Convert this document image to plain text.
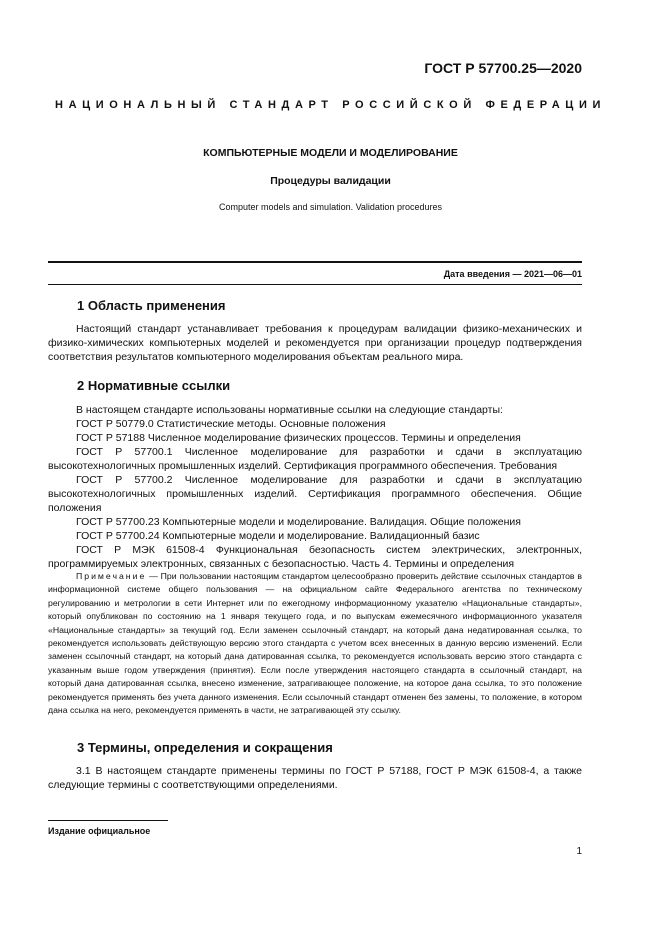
ГОСТ Р 57700.25—2020
НАЦИОНАЛЬНЫЙ СТАНДАРТ РОССИЙСКОЙ ФЕДЕРАЦИИ
КОМПЬЮТЕРНЫЕ МОДЕЛИ И МОДЕЛИРОВАНИЕ
Процедуры валидации
Computer models and simulation. Validation procedures
Дата введения — 2021—06—01
1 Область применения

Настоящий стандарт устанавливает требования к процедурам валидации физико-механических и физико-химических компьютерных моделей и рекомендуется при организации процедур подтверждения соответствия результатов компьютерного моделирования объектам реального мира.

2 Нормативные ссылки

В настоящем стандарте использованы нормативные ссылки на следующие стандарты:

ГОСТ Р 50779.0 Статистические методы. Основные положения

ГОСТ Р 57188 Численное моделирование физических процессов. Термины и определения

ГОСТ Р 57700.1 Численное моделирование для разработки и сдачи в эксплуатацию высокотехнологичных промышленных изделий. Сертификация программного обеспечения. Требования

ГОСТ Р 57700.2 Численное моделирование для разработки и сдачи в эксплуатацию высокотехнологичных промышленных изделий. Сертификация программного обеспечения. Общие положения

ГОСТ Р 57700.23 Компьютерные модели и моделирование. Валидация. Общие положения

ГОСТ Р 57700.24 Компьютерные модели и моделирование. Валидационный базис

ГОСТ Р МЭК 61508-4 Функциональная безопасность систем электрических, электронных, программируемых электронных, связанных с безопасностью. Часть 4. Термины и определения

Примечание — При пользовании настоящим стандартом целесообразно проверить действие ссылочных стандартов в информационной системе общего пользования — на официальном сайте Федерального агентства по техническому регулированию и метрологии в сети Интернет или по ежегодному информационному указателю «Национальные стандарты», который опубликован по состоянию на 1 января текущего года, и по выпускам ежемесячного информационного указателя «Национальные стандарты» за текущий год. Если заменен ссылочный стандарт, на который дана недатированная ссылка, то рекомендуется использовать действующую версию этого стандарта с учетом всех внесенных в данную версию изменений. Если заменен ссылочный стандарт, на который дана датированная ссылка, то рекомендуется использовать версию этого стандарта с указанным выше годом утверждения (принятия). Если после утверждения настоящего стандарта в ссылочный стандарт, на который дана датированная ссылка, внесено изменение, затрагивающее положение, на которое дана ссылка, то это положение рекомендуется применять без учета данного изменения. Если ссылочный стандарт отменен без замены, то положение, в котором дана ссылка на него, рекомендуется применять в части, не затрагивающей эту ссылку.

3 Термины, определения и сокращения

3.1 В настоящем стандарте применены термины по ГОСТ Р 57188, ГОСТ Р МЭК 61508-4, а также следующие термины с соответствующими определениями.

Издание официальное
1
